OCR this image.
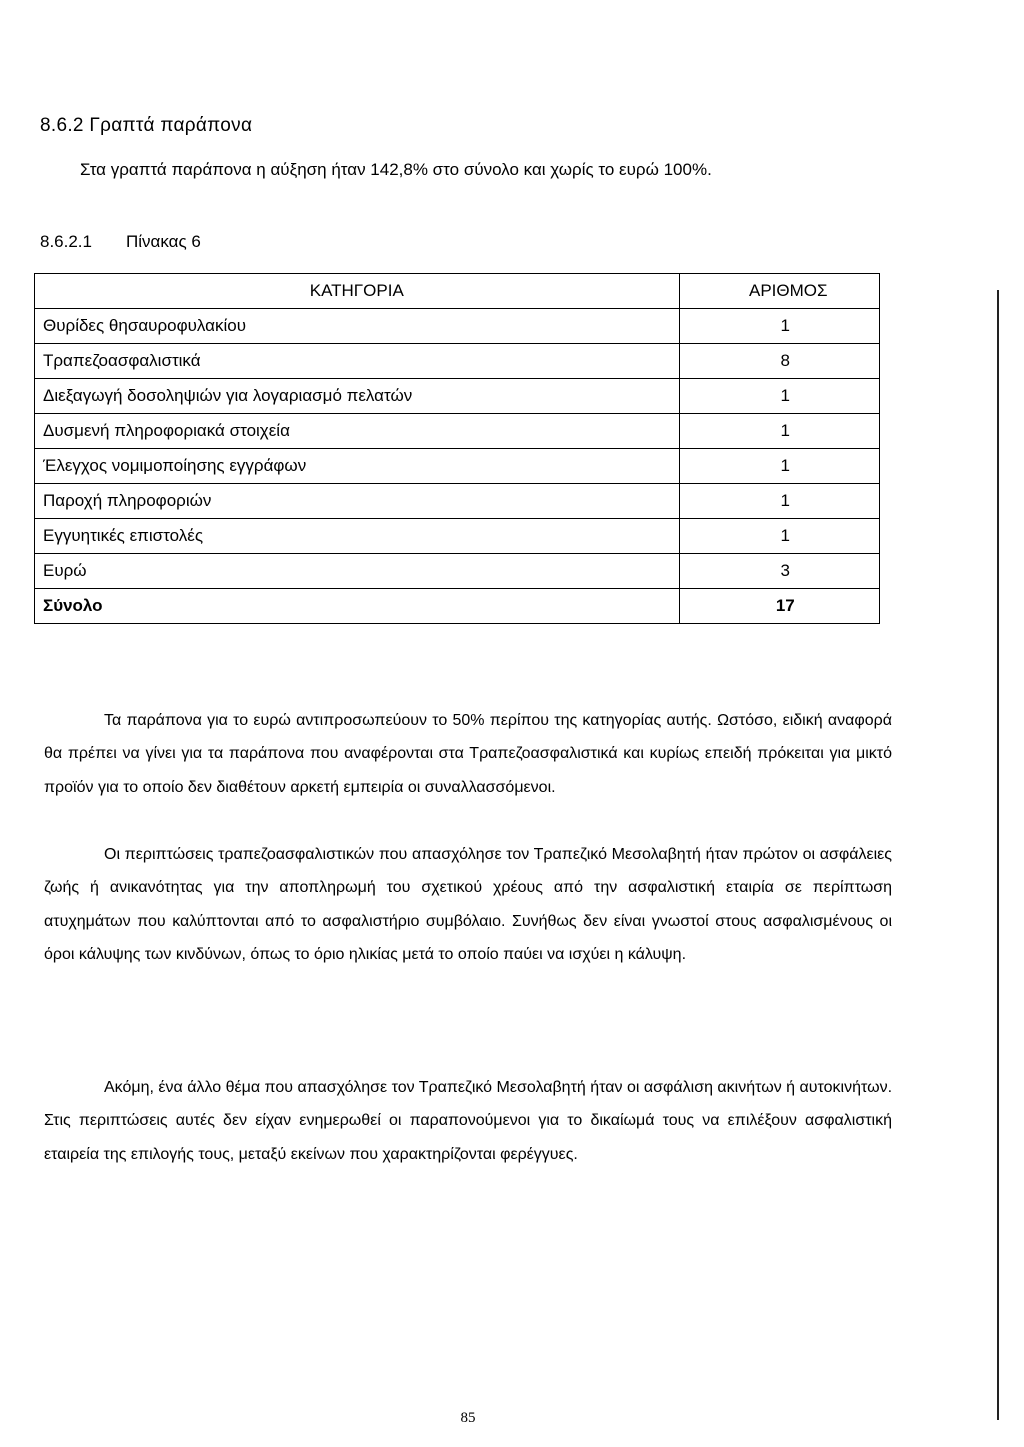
8.6.2 Γραπτά παράπονα
Στα γραπτά παράπονα η αύξηση ήταν 142,8% στο σύνολο και χωρίς το ευρώ 100%.
8.6.2.1 Πίνακας 6
ΚΑΤΗΓΟΡΙΑ	ΑΡΙΘΜΟΣ
Θυρίδες θησαυροφυλακίου	1
Τραπεζοασφαλιστικά	8
Διεξαγωγή δοσοληψιών για λογαριασμό πελατών	1
Δυσμενή πληροφοριακά στοιχεία	1
Έλεγχος νομιμοποίησης εγγράφων	1
Παροχή πληροφοριών	1
Εγγυητικές επιστολές	1
Ευρώ	3
Σύνολο	17
Τα παράπονα για το ευρώ αντιπροσωπεύουν το 50% περίπου της κατηγορίας αυτής. Ωστόσο, ειδική αναφορά θα πρέπει να γίνει για τα παράπονα που αναφέρονται στα Τραπεζοασφαλιστικά και κυρίως επειδή πρόκειται για μικτό προϊόν για το οποίο δεν διαθέτουν αρκετή εμπειρία οι συναλλασσόμενοι.
Οι περιπτώσεις τραπεζοασφαλιστικών που απασχόλησε τον Τραπεζικό Μεσολαβητή ήταν πρώτον οι ασφάλειες ζωής ή ανικανότητας για την αποπληρωμή του σχετικού χρέους από την ασφαλιστική εταιρία σε περίπτωση ατυχημάτων που καλύπτονται από το ασφαλιστήριο συμβόλαιο. Συνήθως δεν είναι γνωστοί στους ασφαλισμένους οι όροι κάλυψης των κινδύνων, όπως το όριο ηλικίας μετά το οποίο παύει να ισχύει η κάλυψη.
Ακόμη, ένα άλλο θέμα που απασχόλησε τον Τραπεζικό Μεσολαβητή ήταν οι ασφάλιση ακινήτων ή αυτοκινήτων. Στις περιπτώσεις αυτές δεν είχαν ενημερωθεί οι παραπονούμενοι για το δικαίωμά τους να επιλέξουν ασφαλιστική εταιρεία της επιλογής τους, μεταξύ εκείνων που χαρακτηρίζονται φερέγγυες.
85
